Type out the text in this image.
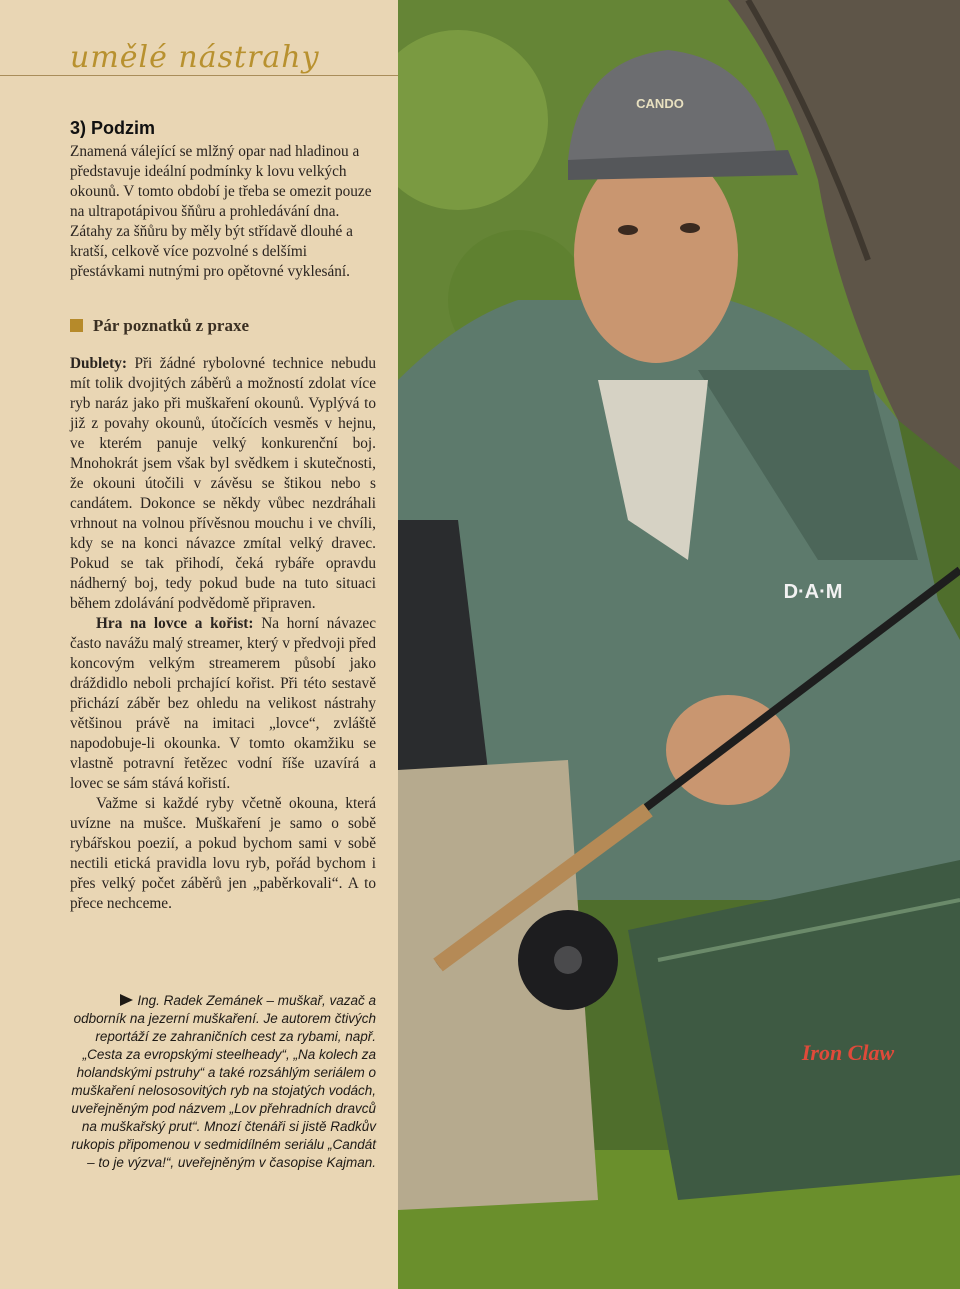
umělé nástrahy
3) Podzim

Znamená válející se mlžný opar nad hladinou a představuje ideální podmínky k lovu velkých okounů. V tomto období je třeba se omezit pouze na ultrapotápivou šňůru a prohledávání dna. Zátahy za šňůru by měly být střídavě dlouhé a kratší, celkově více pozvolné s delšími přestávkami nutnými pro opětovné vyklesání.

Pár poznatků z praxe

Dublety: Při žádné rybolovné technice nebudu mít tolik dvojitých záběrů a možností zdolat více ryb naráz jako při muškaření okounů. Vyplývá to již z povahy okounů, útočících vesměs v hejnu, ve kterém panuje velký konkurenční boj. Mnohokrát jsem však byl svědkem i skutečnosti, že okouni útočili v závěsu se štikou nebo s candátem. Dokonce se někdy vůbec nezdráhali vrhnout na volnou přívěsnou mouchu i ve chvíli, kdy se na konci návazce zmítal velký dravec. Pokud se tak přihodí, čeká rybáře opravdu nádherný boj, tedy pokud bude na tuto situaci během zdolávání podvědomě připraven.

Hra na lovce a kořist: Na horní návazec často navážu malý streamer, který v předvoji před koncovým velkým streamerem působí jako dráždidlo neboli prchající kořist. Při této sestavě přichází záběr bez ohledu na velikost nástrahy většinou právě na imitaci „lovce“, zvláště napodobuje-li okounka. V tomto okamžiku se vlastně potravní řetězec vodní říše uzavírá a lovec se sám stává kořistí.

Važme si každé ryby včetně okouna, která uvízne na mušce. Muškaření je samo o sobě rybářskou poezií, a pokud bychom sami v sobě nectili etická pravidla lovu ryb, pořád bychom i přes velký počet záběrů jen „paběrkovali“. A to přece nechceme.

Ing. Radek Zemánek – muškař, vazač a odborník na jezerní muškaření. Je autorem čtivých reportáží ze zahraničních cest za rybami, např. „Cesta za evropskými steelheady“, „Na kolech za holandskými pstruhy“ a také rozsáhlým seriálem o muškaření nelososovitých ryb na stojatých vodách, uveřejněným pod názvem „Lov přehradních dravců na muškařský prut“. Mnozí čtenáři si jistě Radkův rukopis připomenou v sedmidílném seriálu „Candát – to je výzva!“, uveřejněným v časopise Kajman.
CANDO
D·A·M
Iron Claw
